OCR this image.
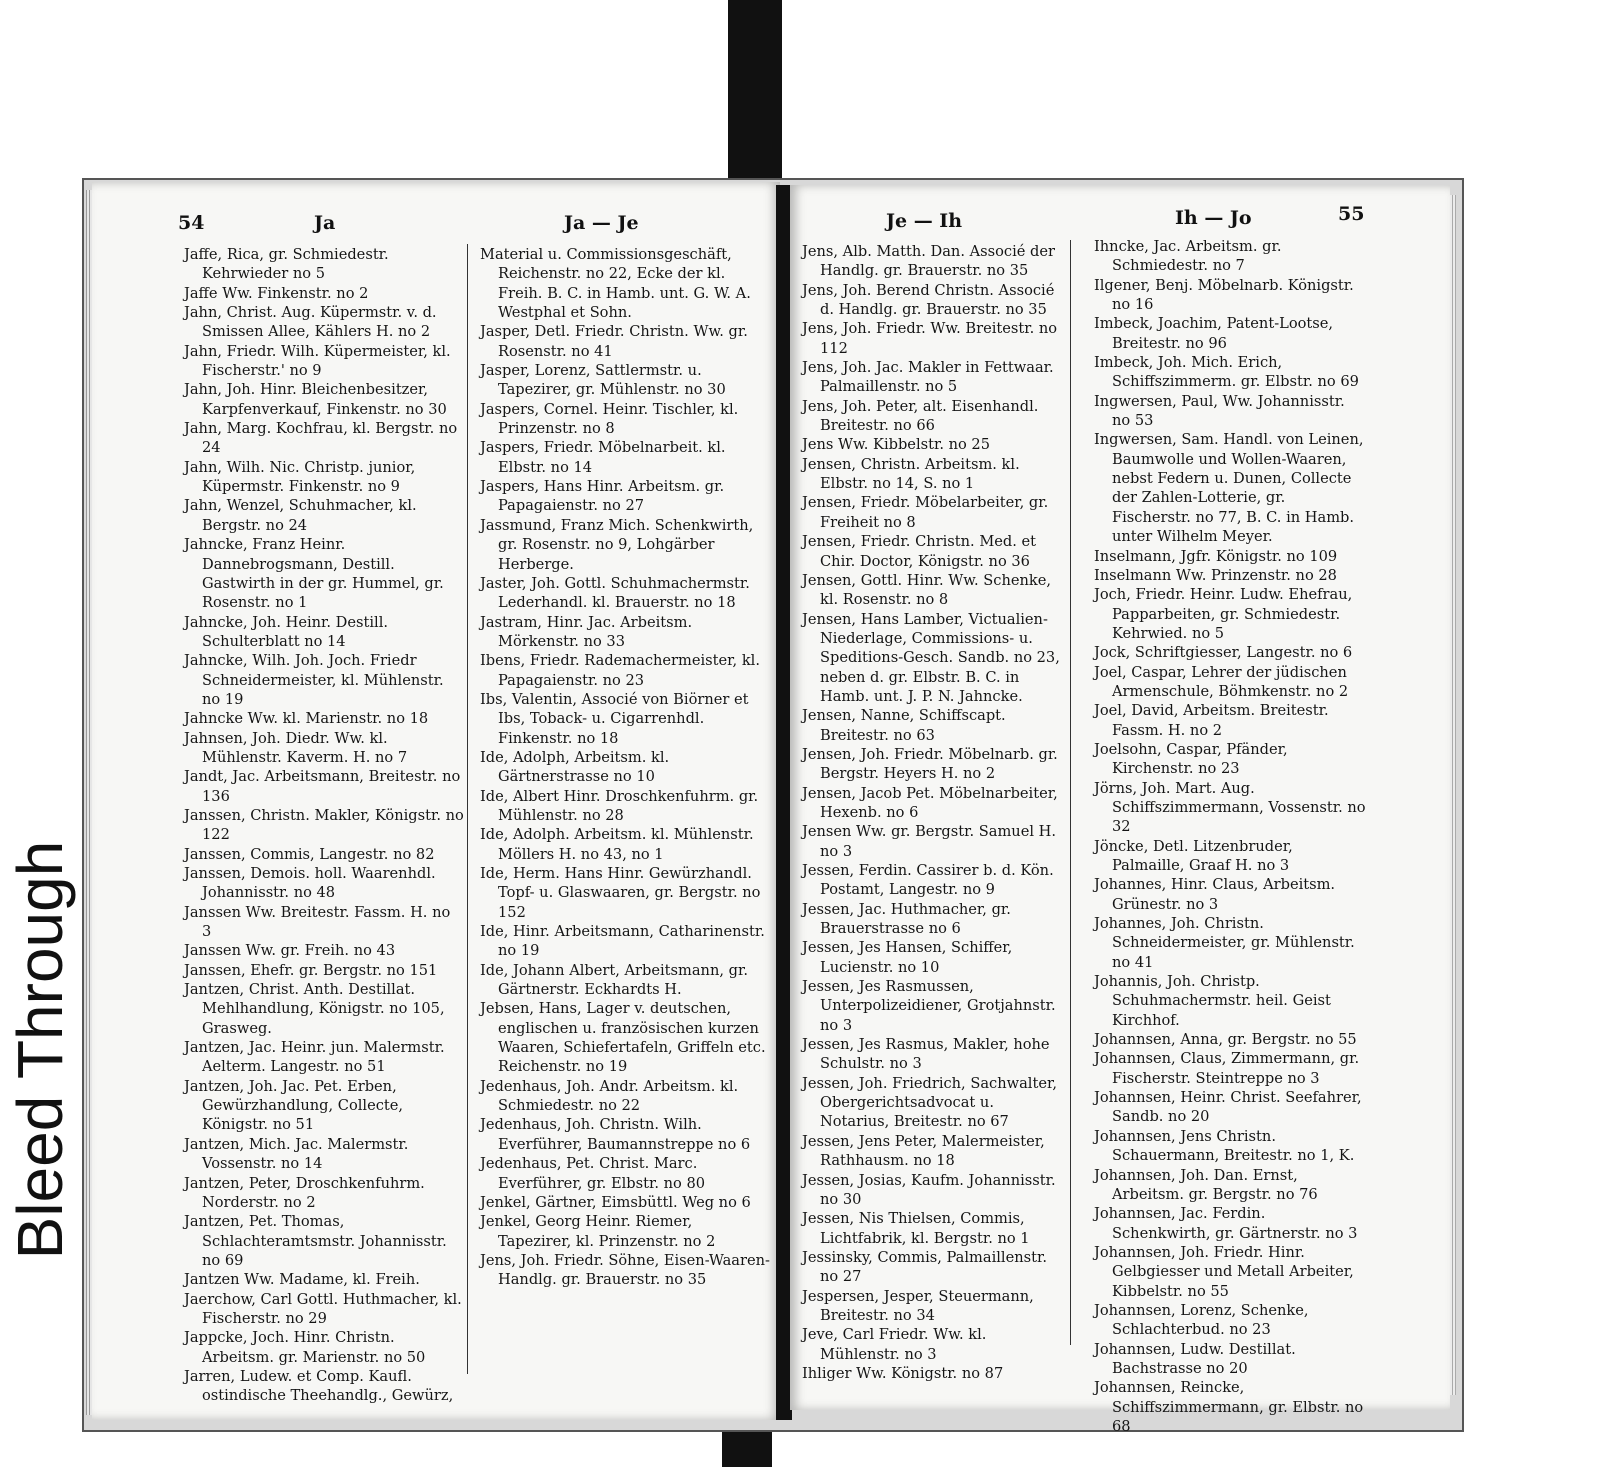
Bleed Through
54	Ja	Ja — Je

Jaffe, Rica, gr. Schmiedestr. Kehrwieder no 5

Jaffe Ww. Finkenstr. no 2

Jahn, Christ. Aug. Küpermstr. v. d. Smissen Allee, Kählers H. no 2

Jahn, Friedr. Wilh. Küpermeister, kl. Fischerstr.' no 9

Jahn, Joh. Hinr. Bleichenbesitzer, Karpfenverkauf, Finkenstr. no 30

Jahn, Marg. Kochfrau, kl. Bergstr. no 24

Jahn, Wilh. Nic. Christp. junior, Küpermstr. Finkenstr. no 9

Jahn, Wenzel, Schuhmacher, kl. Bergstr. no 24

Jahncke, Franz Heinr. Dannebrogsmann, Destill. Gastwirth in der gr. Hummel, gr. Rosenstr. no 1

Jahncke, Joh. Heinr. Destill. Schulterblatt no 14

Jahncke, Wilh. Joh. Joch. Friedr Schneidermeister, kl. Mühlenstr. no 19

Jahncke Ww. kl. Marienstr. no 18

Jahnsen, Joh. Diedr. Ww. kl. Mühlenstr. Kaverm. H. no 7

Jandt, Jac. Arbeitsmann, Breitestr. no 136

Janssen, Christn. Makler, Königstr. no 122

Janssen, Commis, Langestr. no 82

Janssen, Demois. holl. Waarenhdl. Johannisstr. no 48

Janssen Ww. Breitestr. Fassm. H. no 3

Janssen Ww. gr. Freih. no 43

Janssen, Ehefr. gr. Bergstr. no 151

Jantzen, Christ. Anth. Destillat. Mehlhandlung, Königstr. no 105, Grasweg.

Jantzen, Jac. Heinr. jun. Malermstr. Aelterm. Langestr. no 51

Jantzen, Joh. Jac. Pet. Erben, Gewürzhandlung, Collecte, Königstr. no 51

Jantzen, Mich. Jac. Malermstr. Vossenstr. no 14

Jantzen, Peter, Droschkenfuhrm. Norderstr. no 2

Jantzen, Pet. Thomas, Schlachteramtsmstr. Johannisstr. no 69

Jantzen Ww. Madame, kl. Freih.

Jaerchow, Carl Gottl. Huthmacher, kl. Fischerstr. no 29

Jappcke, Joch. Hinr. Christn. Arbeitsm. gr. Marienstr. no 50

Jarren, Ludew. et Comp. Kaufl. ostindische Theehandlg., Gewürz,

Material u. Commissionsgeschäft, Reichenstr. no 22, Ecke der kl. Freih. B. C. in Hamb. unt. G. W. A. Westphal et Sohn.

Jasper, Detl. Friedr. Christn. Ww. gr. Rosenstr. no 41

Jasper, Lorenz, Sattlermstr. u. Tapezirer, gr. Mühlenstr. no 30

Jaspers, Cornel. Heinr. Tischler, kl. Prinzenstr. no 8

Jaspers, Friedr. Möbelnarbeit. kl. Elbstr. no 14

Jaspers, Hans Hinr. Arbeitsm. gr. Papagaienstr. no 27

Jassmund, Franz Mich. Schenkwirth, gr. Rosenstr. no 9, Lohgärber Herberge.

Jaster, Joh. Gottl. Schuhmachermstr. Lederhandl. kl. Brauerstr. no 18

Jastram, Hinr. Jac. Arbeitsm. Mörkenstr. no 33

Ibens, Friedr. Rademachermeister, kl. Papagaienstr. no 23

Ibs, Valentin, Associé von Biörner et Ibs, Toback- u. Cigarrenhdl. Finkenstr. no 18

Ide, Adolph, Arbeitsm. kl. Gärtnerstrasse no 10

Ide, Albert Hinr. Droschkenfuhrm. gr. Mühlenstr. no 28

Ide, Adolph. Arbeitsm. kl. Mühlenstr. Möllers H. no 43, no 1

Ide, Herm. Hans Hinr. Gewürzhandl. Topf- u. Glaswaaren, gr. Bergstr. no 152

Ide, Hinr. Arbeitsmann, Catharinenstr. no 19

Ide, Johann Albert, Arbeitsmann, gr. Gärtnerstr. Eckhardts H.

Jebsen, Hans, Lager v. deutschen, englischen u. französischen kurzen Waaren, Schiefertafeln, Griffeln etc. Reichenstr. no 19

Jedenhaus, Joh. Andr. Arbeitsm. kl. Schmiedestr. no 22

Jedenhaus, Joh. Christn. Wilh. Everführer, Baumannstreppe no 6

Jedenhaus, Pet. Christ. Marc. Everführer, gr. Elbstr. no 80

Jenkel, Gärtner, Eimsbüttl. Weg no 6

Jenkel, Georg Heinr. Riemer, Tapezirer, kl. Prinzenstr. no 2

Jens, Joh. Friedr. Söhne, Eisen-Waaren-Handlg. gr. Brauerstr. no 35

Je — Ih	Ih — Jo	55

Jens, Alb. Matth. Dan. Associé der Handlg. gr. Brauerstr. no 35

Jens, Joh. Berend Christn. Associé d. Handlg. gr. Brauerstr. no 35

Jens, Joh. Friedr. Ww. Breitestr. no 112

Jens, Joh. Jac. Makler in Fettwaar. Palmaillenstr. no 5

Jens, Joh. Peter, alt. Eisenhandl. Breitestr. no 66

Jens Ww. Kibbelstr. no 25

Jensen, Christn. Arbeitsm. kl. Elbstr. no 14, S. no 1

Jensen, Friedr. Möbelarbeiter, gr. Freiheit no 8

Jensen, Friedr. Christn. Med. et Chir. Doctor, Königstr. no 36

Jensen, Gottl. Hinr. Ww. Schenke, kl. Rosenstr. no 8

Jensen, Hans Lamber, Victualien-Niederlage, Commissions- u. Speditions-Gesch. Sandb. no 23, neben d. gr. Elbstr. B. C. in Hamb. unt. J. P. N. Jahncke.

Jensen, Nanne, Schiffscapt. Breitestr. no 63

Jensen, Joh. Friedr. Möbelnarb. gr. Bergstr. Heyers H. no 2

Jensen, Jacob Pet. Möbelnarbeiter, Hexenb. no 6

Jensen Ww. gr. Bergstr. Samuel H. no 3

Jessen, Ferdin. Cassirer b. d. Kön. Postamt, Langestr. no 9

Jessen, Jac. Huthmacher, gr. Brauerstrasse no 6

Jessen, Jes Hansen, Schiffer, Lucienstr. no 10

Jessen, Jes Rasmussen, Unterpolizeidiener, Grotjahnstr. no 3

Jessen, Jes Rasmus, Makler, hohe Schulstr. no 3

Jessen, Joh. Friedrich, Sachwalter, Obergerichtsadvocat u. Notarius, Breitestr. no 67

Jessen, Jens Peter, Malermeister, Rathhausm. no 18

Jessen, Josias, Kaufm. Johannisstr. no 30

Jessen, Nis Thielsen, Commis, Lichtfabrik, kl. Bergstr. no 1

Jessinsky, Commis, Palmaillenstr. no 27

Jespersen, Jesper, Steuermann, Breitestr. no 34

Jeve, Carl Friedr. Ww. kl. Mühlenstr. no 3

Ihliger Ww. Königstr. no 87

Ihncke, Jac. Arbeitsm. gr. Schmiedestr. no 7

Ilgener, Benj. Möbelnarb. Königstr. no 16

Imbeck, Joachim, Patent-Lootse, Breitestr. no 96

Imbeck, Joh. Mich. Erich, Schiffszimmerm. gr. Elbstr. no 69

Ingwersen, Paul, Ww. Johannisstr. no 53

Ingwersen, Sam. Handl. von Leinen, Baumwolle und Wollen-Waaren, nebst Federn u. Dunen, Collecte der Zahlen-Lotterie, gr. Fischerstr. no 77, B. C. in Hamb. unter Wilhelm Meyer.

Inselmann, Jgfr. Königstr. no 109

Inselmann Ww. Prinzenstr. no 28

Joch, Friedr. Heinr. Ludw. Ehefrau, Papparbeiten, gr. Schmiedestr. Kehrwied. no 5

Jock, Schriftgiesser, Langestr. no 6

Joel, Caspar, Lehrer der jüdischen Armenschule, Böhmkenstr. no 2

Joel, David, Arbeitsm. Breitestr. Fassm. H. no 2

Joelsohn, Caspar, Pfänder, Kirchenstr. no 23

Jörns, Joh. Mart. Aug. Schiffszimmermann, Vossenstr. no 32

Jöncke, Detl. Litzenbruder, Palmaille, Graaf H. no 3

Johannes, Hinr. Claus, Arbeitsm. Grünestr. no 3

Johannes, Joh. Christn. Schneidermeister, gr. Mühlenstr. no 41

Johannis, Joh. Christp. Schuhmachermstr. heil. Geist Kirchhof.

Johannsen, Anna, gr. Bergstr. no 55

Johannsen, Claus, Zimmermann, gr. Fischerstr. Steintreppe no 3

Johannsen, Heinr. Christ. Seefahrer, Sandb. no 20

Johannsen, Jens Christn. Schauermann, Breitestr. no 1, K.

Johannsen, Joh. Dan. Ernst, Arbeitsm. gr. Bergstr. no 76

Johannsen, Jac. Ferdin. Schenkwirth, gr. Gärtnerstr. no 3

Johannsen, Joh. Friedr. Hinr. Gelbgiesser und Metall Arbeiter, Kibbelstr. no 55

Johannsen, Lorenz, Schenke, Schlachterbud. no 23

Johannsen, Ludw. Destillat. Bachstrasse no 20

Johannsen, Reincke, Schiffszimmermann, gr. Elbstr. no 68
